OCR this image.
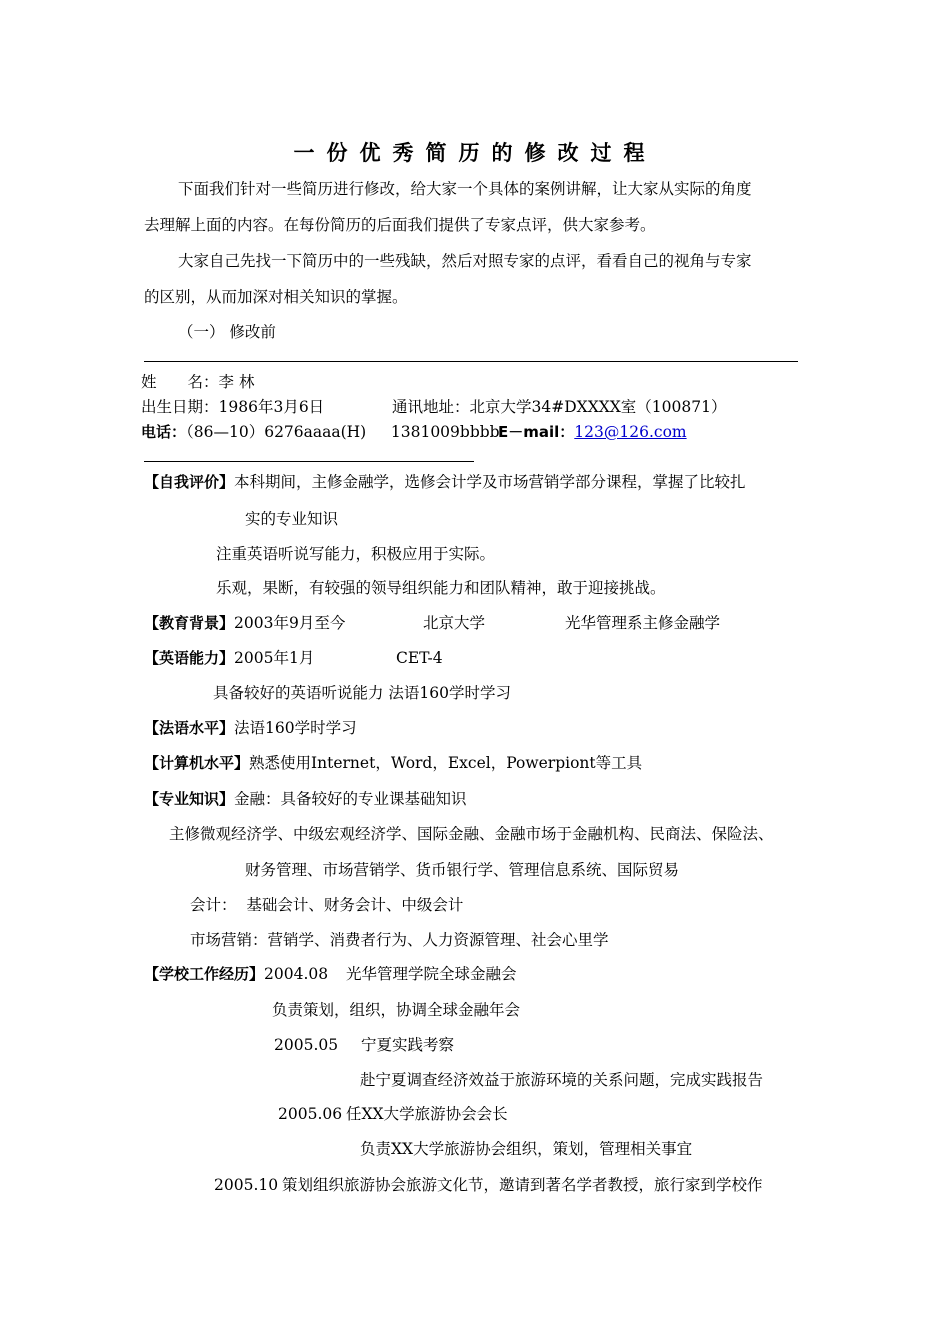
一份优秀简历的修改过程
下面我们针对一些简历进行修改，给大家一个具体的案例讲解，让大家从实际的角度
去理解上面的内容。在每份简历的后面我们提供了专家点评，供大家参考。
大家自己先找一下简历中的一些残缺，然后对照专家的点评，看看自己的视角与专家
的区别，从而加深对相关知识的掌握。
（一） 修改前
姓　　名：李 林
出生日期：1986年3月6日	通讯地址：北京大学34#DXXXX室（100871）
电话：（86—10）6276aaaa(H)     1381009bbbb
E－mail：123@126.com
【自我评价】本科期间，主修金融学，选修会计学及市场营销学部分课程，掌握了比较扎
实的专业知识
注重英语听说写能力，积极应用于实际。
乐观，果断，有较强的领导组织能力和团队精神，敢于迎接挑战。
【教育背景】2003年9月至今	北京大学	光华管理系主修金融学
【英语能力】2005年1月	CET-4
具备较好的英语听说能力 法语160学时学习
【法语水平】法语160学时学习
【计算机水平】熟悉使用Internet，Word，Excel，Powerpiont等工具
【专业知识】金融：具备较好的专业课基础知识
主修微观经济学、中级宏观经济学、国际金融、金融市场于金融机构、民商法、保险法、
财务管理、市场营销学、货币银行学、管理信息系统、国际贸易
会计：  基础会计、财务会计、中级会计
市场营销：营销学、消费者行为、人力资源管理、社会心里学
【学校工作经历】2004.08 光华管理学院全球金融会
负责策划，组织，协调全球金融年会
2005.05 宁夏实践考察
赴宁夏调查经济效益于旅游环境的关系问题，完成实践报告
2005.06 任XX大学旅游协会会长
负责XX大学旅游协会组织，策划，管理相关事宜
2005.10 策划组织旅游协会旅游文化节，邀请到著名学者教授，旅行家到学校作
